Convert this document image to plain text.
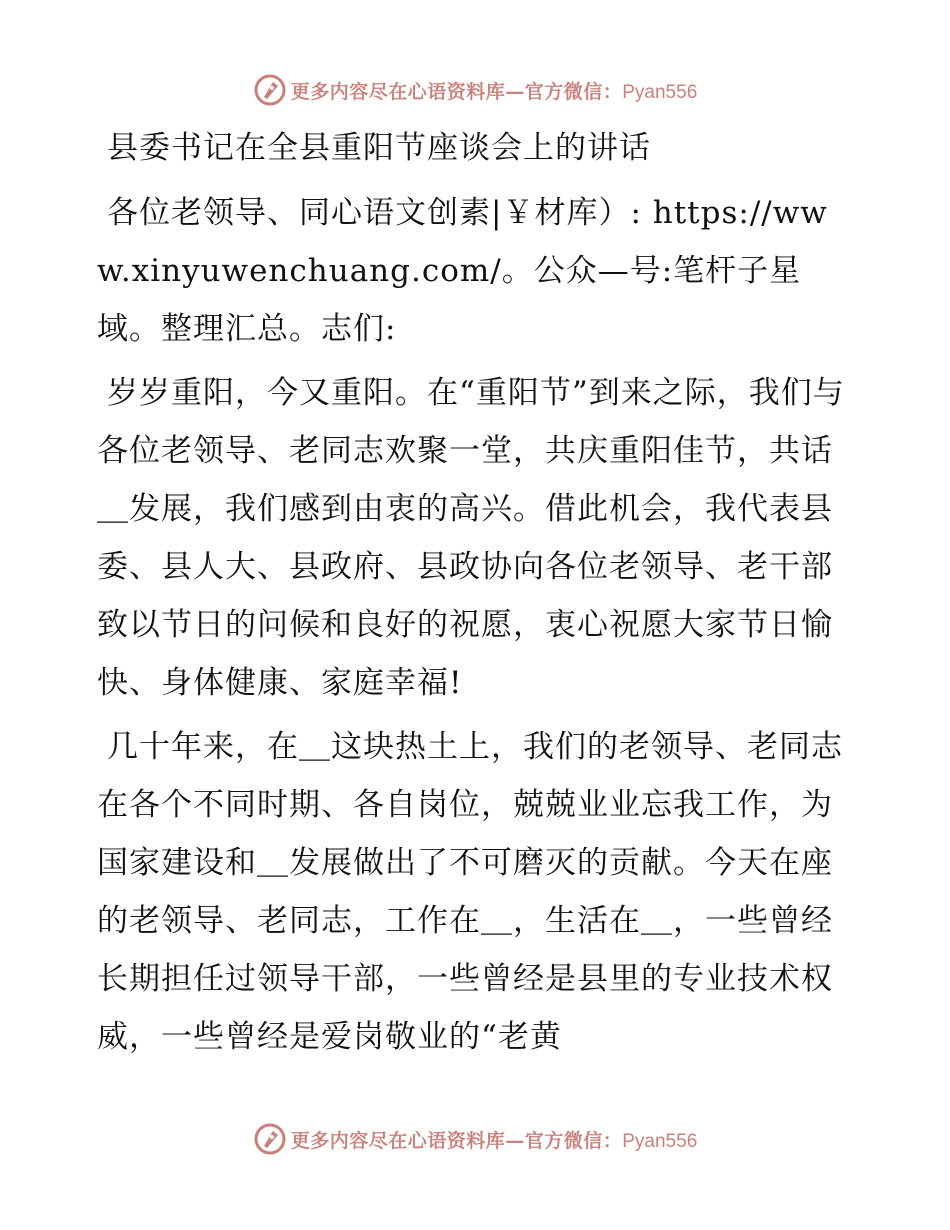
更多内容尽在心语资料库—官方微信：Pyan556
县委书记在全县重阳节座谈会上的讲话

各位老领导、同心语文创素|￥材库）: https://www.xinyuwenchuang.com/。公众—号:笔杆子星域。整理汇总。志们:

岁岁重阳，今又重阳。在“重阳节”到来之际，我们与各位老领导、老同志欢聚一堂，共庆重阳佳节，共话＿发展，我们感到由衷的高兴。借此机会，我代表县委、县人大、县政府、县政协向各位老领导、老干部致以节日的问候和良好的祝愿，衷心祝愿大家节日愉快、身体健康、家庭幸福!

几十年来，在＿这块热土上，我们的老领导、老同志在各个不同时期、各自岗位，兢兢业业忘我工作，为国家建设和＿发展做出了不可磨灭的贡献。今天在座的老领导、老同志，工作在＿，生活在＿，一些曾经长期担任过领导干部，一些曾经是县里的专业技术权威，一些曾经是爱岗敬业的“老黄

更多内容尽在心语资料库—官方微信：Pyan556
